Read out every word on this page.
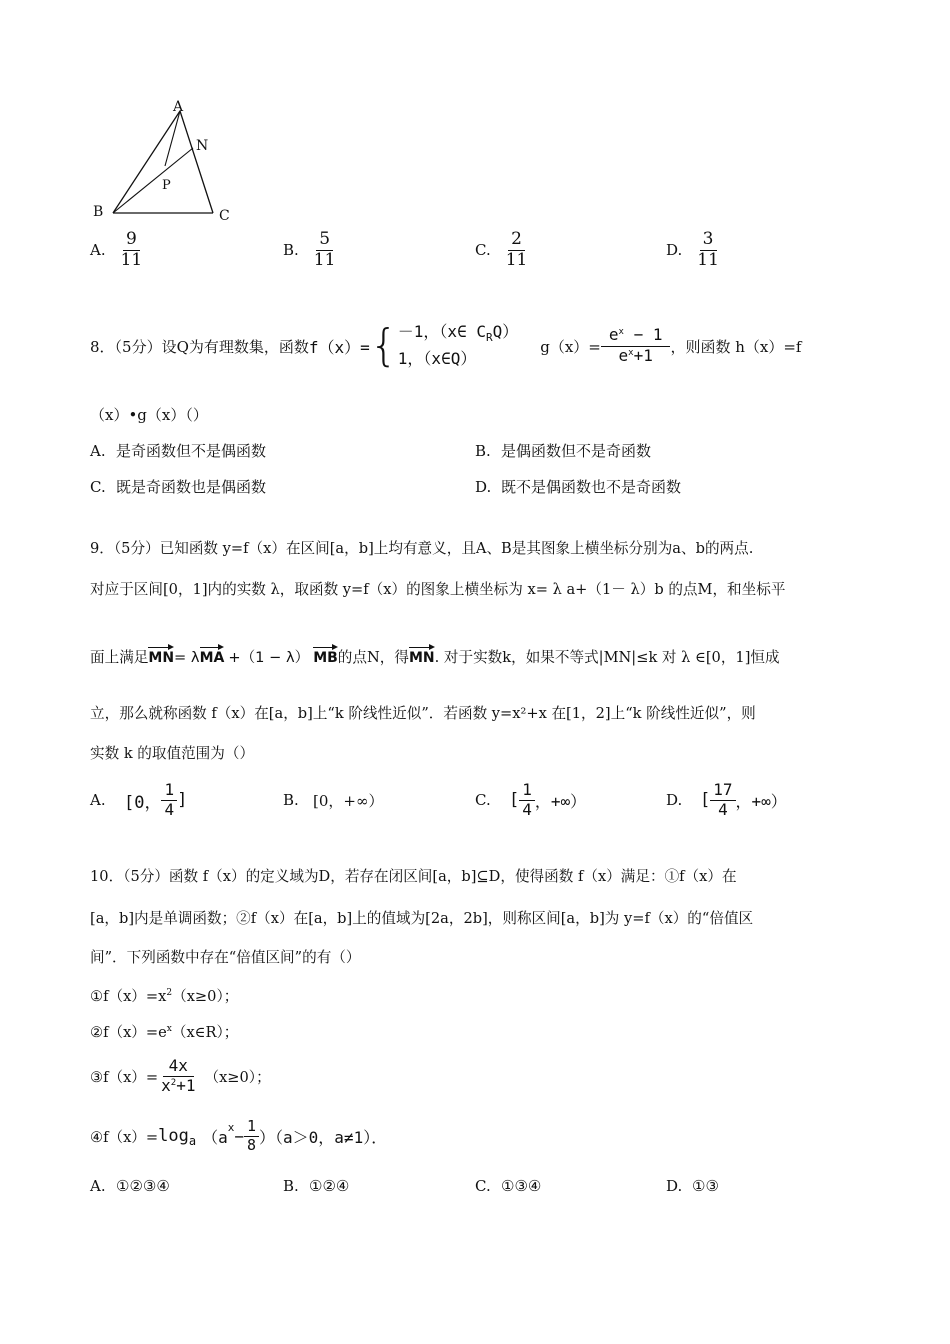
A
N
P
B	C
A. $\frac{9}{11}$	B. $\frac{5}{11}$	C. $\frac{2}{11}$	D. $\frac{3}{11}$
8．（5分）设Q为有理数集，函数 f（x）= { －1，（x∈ $C_RQ$）
1，（x∈Q）
$g(x)= \frac{e^x - 1}{e^x+1}$ ，则函数 h（x）=f
（x）•g（x）（）
A. 是奇函数但不是偶函数	B. 是偶函数但不是奇函数
C. 既是奇函数也是偶函数	D. 既不是偶函数也不是奇函数
9．（5分）已知函数 y=f（x）在区间[a，b]上均有意义，且A、B是其图象上横坐标分别为a、b的两点.
对应于区间[0，1]内的实数 λ，取函数 y=f（x）的图象上横坐标为 x= λ a+（1－ λ）b 的点M，和坐标平
面上满足 MN = λ MA +（1 − λ） MB 的点N，得 MN . 对于实数k，如果不等式|MN|≤k 对 λ ∈[0，1]恒成
立，那么就称函数 f（x）在[a，b]上“k 阶线性近似”．若函数 y=x²+x 在[1，2]上“k 阶线性近似”，则
实数 k 的取值范围为（）
A.	[0， $\frac{1}{4}$ ]	B. [0，+∞）	C.	[ $\frac{1}{4}$ ，+∞）	D.	[ $\frac{17}{4}$ ，+∞）
10．（5分）函数 f（x）的定义域为D，若存在闭区间[a，b]⊆D，使得函数 f（x）满足：①f（x）在
[a，b]内是单调函数；②f（x）在[a，b]上的值域为[2a，2b]，则称区间[a，b]为 y=f（x）的“倍值区
间”．下列函数中存在“倍值区间”的有（）
$①f(x)=x^2(x\ge 0)$；
$②f(x)=e^x(x\in R)$；
③f（x）= $\frac{4x}{x^2+1} (x\ge 0)$；
④f（x）= $\log_a (a^x - \frac{1}{8} )(a>0$，a≠1）．
A. ①②③④	B. ①②④	C. ①③④	D. ①③
